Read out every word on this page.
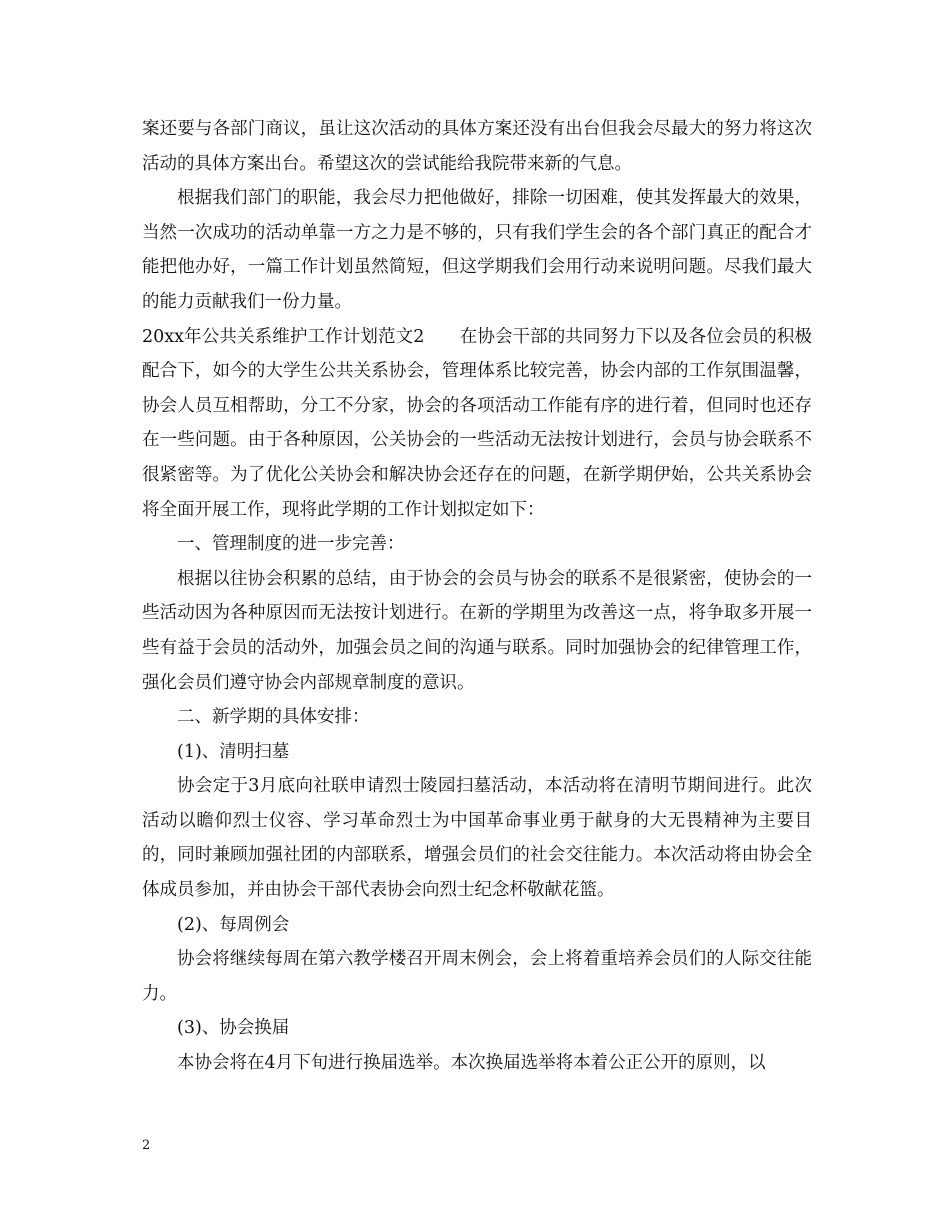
案还要与各部门商议，虽让这次活动的具体方案还没有出台但我会尽最大的努力将这次活动的具体方案出台。希望这次的尝试能给我院带来新的气息。

根据我们部门的职能，我会尽力把他做好，排除一切困难，使其发挥最大的效果，当然一次成功的活动单靠一方之力是不够的，只有我们学生会的各个部门真正的配合才能把他办好，一篇工作计划虽然简短，但这学期我们会用行动来说明问题。尽我们最大的能力贡献我们一份力量。

20xx年公共关系维护工作计划范文2　　在协会干部的共同努力下以及各位会员的积极配合下，如今的大学生公共关系协会，管理体系比较完善，协会内部的工作氛围温馨，协会人员互相帮助，分工不分家，协会的各项活动工作能有序的进行着，但同时也还存在一些问题。由于各种原因，公关协会的一些活动无法按计划进行，会员与协会联系不很紧密等。为了优化公关协会和解决协会还存在的问题，在新学期伊始，公共关系协会将全面开展工作，现将此学期的工作计划拟定如下：

一、管理制度的进一步完善：

根据以往协会积累的总结，由于协会的会员与协会的联系不是很紧密，使协会的一些活动因为各种原因而无法按计划进行。在新的学期里为改善这一点，将争取多开展一些有益于会员的活动外，加强会员之间的沟通与联系。同时加强协会的纪律管理工作，强化会员们遵守协会内部规章制度的意识。

二、新学期的具体安排：

(1)、清明扫墓

协会定于3月底向社联申请烈士陵园扫墓活动，本活动将在清明节期间进行。此次活动以瞻仰烈士仪容、学习革命烈士为中国革命事业勇于献身的大无畏精神为主要目的，同时兼顾加强社团的内部联系，增强会员们的社会交往能力。本次活动将由协会全体成员参加，并由协会干部代表协会向烈士纪念杯敬献花篮。

(2)、每周例会

协会将继续每周在第六教学楼召开周末例会，会上将着重培养会员们的人际交往能力。

(3)、协会换届

本协会将在4月下旬进行换届选举。本次换届选举将本着公正公开的原则，以

2
